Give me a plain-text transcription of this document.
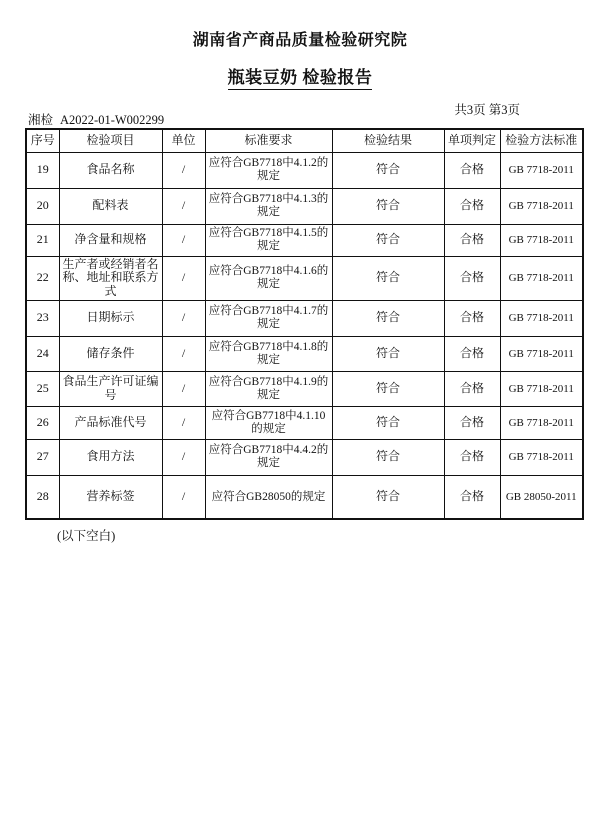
湖南省产商品质量检验研究院
瓶装豆奶 检验报告
湘检 A2022-01-W002299
共3页 第3页
序号	检验项目	单位	标准要求	检验结果	单项判定	检验方法标准
19	食品名称	/	应符合GB7718中4.1.2的规定	符合	合格	GB 7718-2011
20	配料表	/	应符合GB7718中4.1.3的规定	符合	合格	GB 7718-2011
21	净含量和规格	/	应符合GB7718中4.1.5的规定	符合	合格	GB 7718-2011
22	生产者或经销者名称、地址和联系方式	/	应符合GB7718中4.1.6的规定	符合	合格	GB 7718-2011
23	日期标示	/	应符合GB7718中4.1.7的规定	符合	合格	GB 7718-2011
24	储存条件	/	应符合GB7718中4.1.8的规定	符合	合格	GB 7718-2011
25	食品生产许可证编号	/	应符合GB7718中4.1.9的规定	符合	合格	GB 7718-2011
26	产品标准代号	/	应符合GB7718中4.1.10的规定	符合	合格	GB 7718-2011
27	食用方法	/	应符合GB7718中4.4.2的规定	符合	合格	GB 7718-2011
28	营养标签	/	应符合GB28050的规定	符合	合格	GB 28050-2011
(以下空白)
